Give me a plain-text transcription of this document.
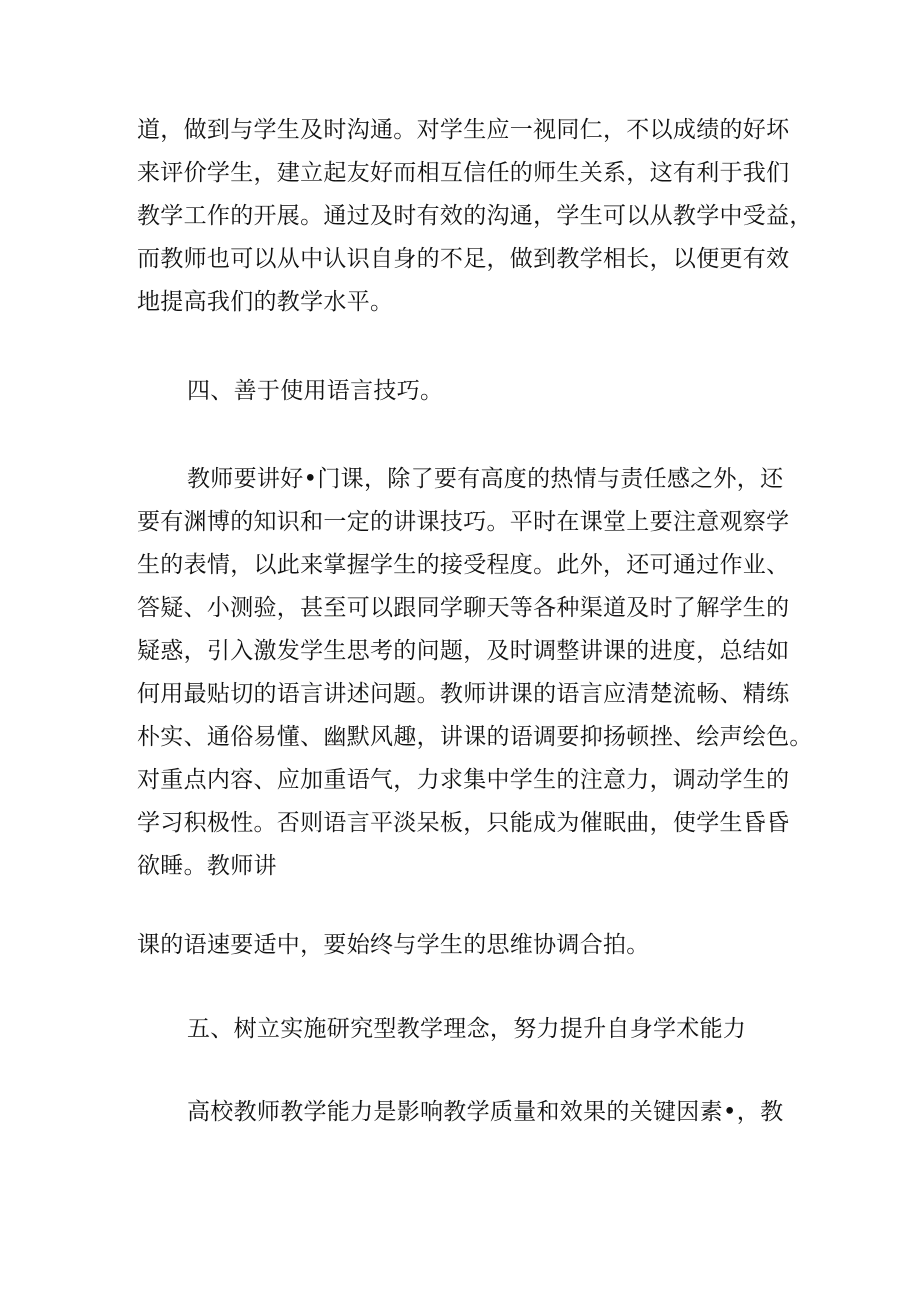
道，做到与学生及时沟通。对学生应一视同仁，不以成绩的好坏
来评价学生，建立起友好而相互信任的师生关系，这有利于我们
教学工作的开展。通过及时有效的沟通，学生可以从教学中受益，
而教师也可以从中认识自身的不足，做到教学相长，以便更有效
地提高我们的教学水平。
四、善于使用语言技巧。
教师要讲好•门课，除了要有高度的热情与责任感之外，还
要有渊博的知识和一定的讲课技巧。平时在课堂上要注意观察学
生的表情，以此来掌握学生的接受程度。此外，还可通过作业、
答疑、小测验，甚至可以跟同学聊天等各种渠道及时了解学生的
疑惑，引入激发学生思考的问题，及时调整讲课的进度，总结如
何用最贴切的语言讲述问题。教师讲课的语言应清楚流畅、精练
朴实、通俗易懂、幽默风趣，讲课的语调要抑扬顿挫、绘声绘色。
对重点内容、应加重语气，力求集中学生的注意力，调动学生的
学习积极性。否则语言平淡呆板，只能成为催眠曲，使学生昏昏
欲睡。教师讲
课的语速要适中，要始终与学生的思维协调合拍。
五、树立实施研究型教学理念，努力提升自身学术能力
高校教师教学能力是影响教学质量和效果的关键因素•，教
